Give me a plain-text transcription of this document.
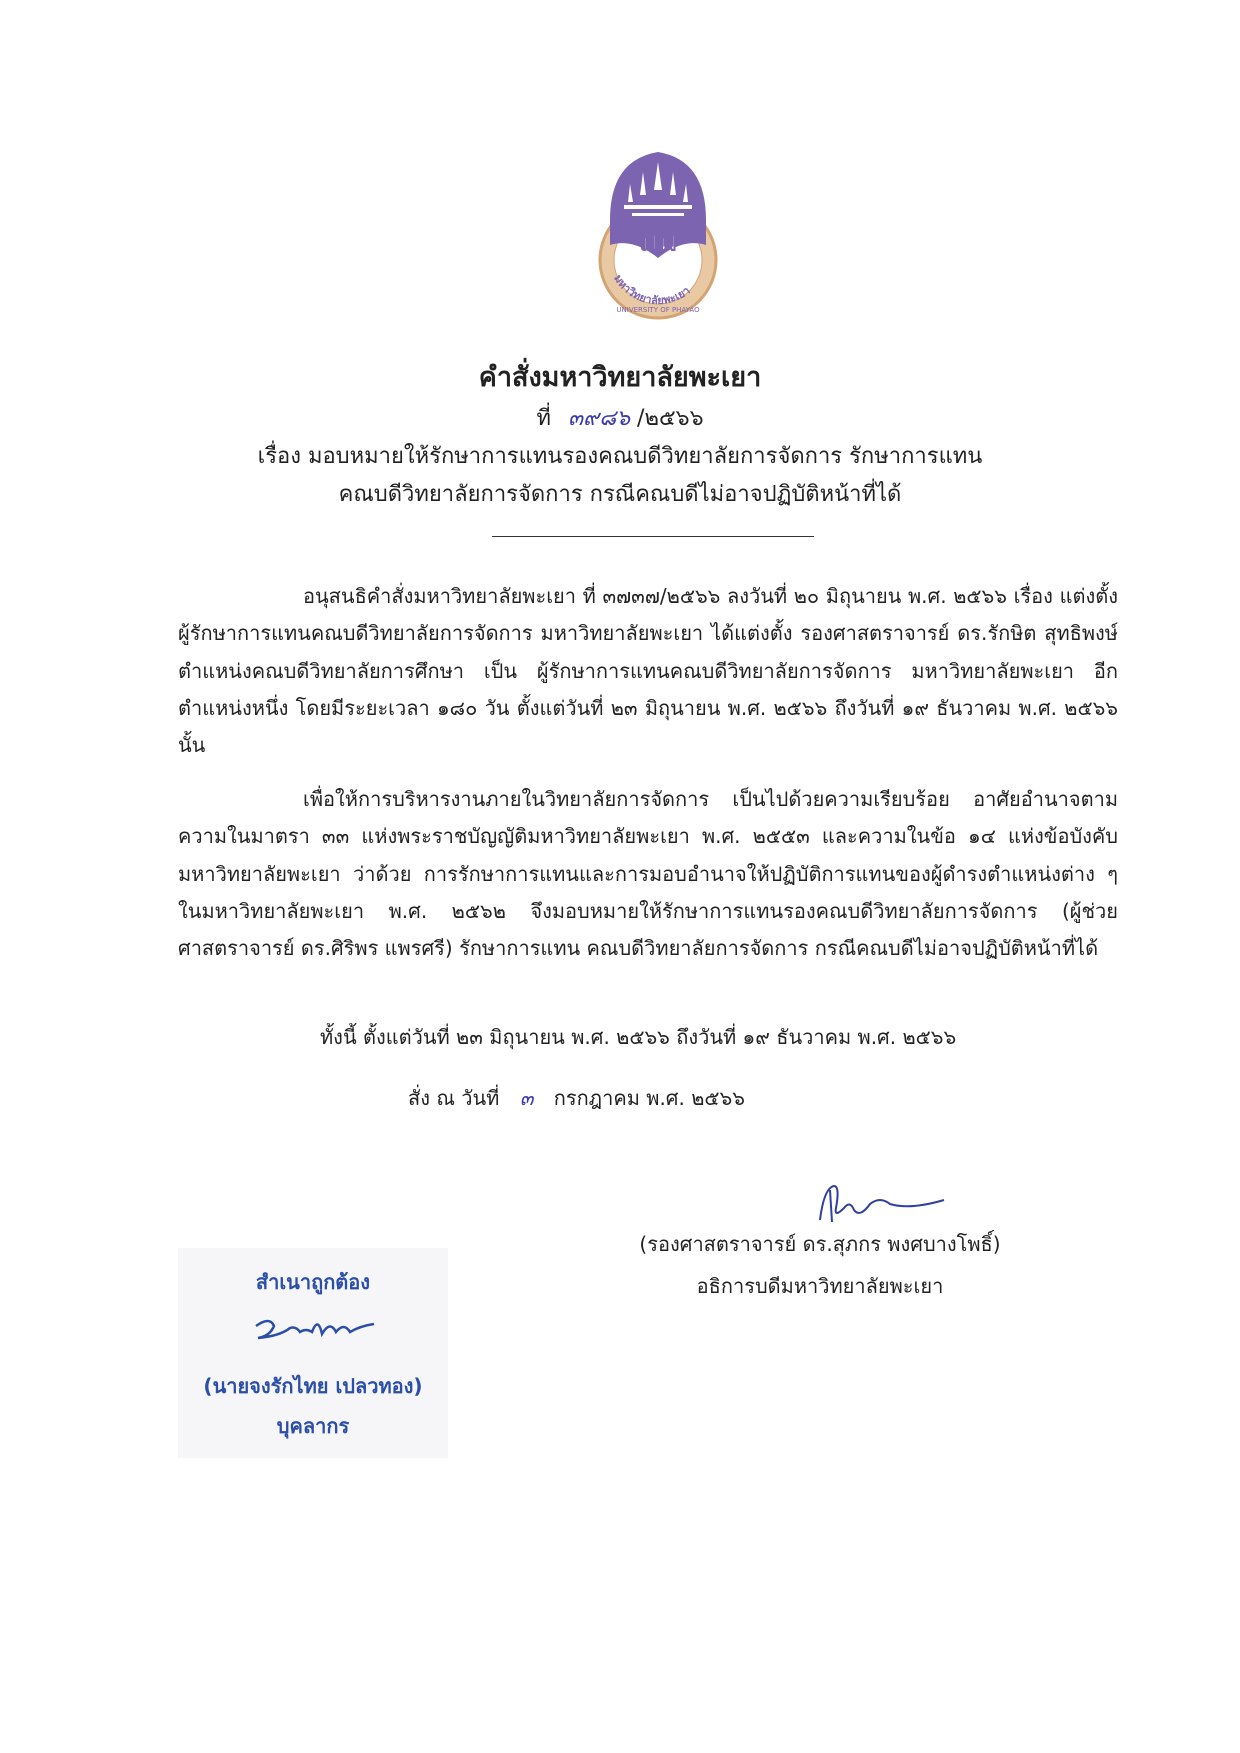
มพ
มหาวิทยาลัยพะเยา
UNIVERSITY OF PHAYAO
คำสั่งมหาวิทยาลัยพะเยา
ที่ ๓๙๘๖ /๒๕๖๖
เรื่อง มอบหมายให้รักษาการแทนรองคณบดีวิทยาลัยการจัดการ รักษาการแทน
คณบดีวิทยาลัยการจัดการ กรณีคณบดีไม่อาจปฏิบัติหน้าที่ได้

อนุสนธิคำสั่งมหาวิทยาลัยพะเยา ที่ ๓๗๓๗/๒๕๖๖ ลงวันที่ ๒๐ มิถุนายน พ.ศ. ๒๕๖๖ เรื่อง แต่งตั้งผู้รักษาการแทนคณบดีวิทยาลัยการจัดการ มหาวิทยาลัยพะเยา ได้แต่งตั้ง รองศาสตราจารย์ ดร.รักษิต สุทธิพงษ์ ตำแหน่งคณบดีวิทยาลัยการศึกษา เป็น ผู้รักษาการแทนคณบดีวิทยาลัยการจัดการ มหาวิทยาลัยพะเยา อีกตำแหน่งหนึ่ง โดยมีระยะเวลา ๑๘๐ วัน ตั้งแต่วันที่ ๒๓ มิถุนายน พ.ศ. ๒๕๖๖ ถึงวันที่ ๑๙ ธันวาคม พ.ศ. ๒๕๖๖ นั้น

เพื่อให้การบริหารงานภายในวิทยาลัยการจัดการ เป็นไปด้วยความเรียบร้อย อาศัยอำนาจตามความในมาตรา ๓๓ แห่งพระราชบัญญัติมหาวิทยาลัยพะเยา พ.ศ. ๒๕๕๓ และความในข้อ ๑๔ แห่งข้อบังคับมหาวิทยาลัยพะเยา ว่าด้วย การรักษาการแทนและการมอบอำนาจให้ปฏิบัติการแทนของผู้ดำรงตำแหน่งต่าง ๆ ในมหาวิทยาลัยพะเยา พ.ศ. ๒๕๖๒ จึงมอบหมายให้รักษาการแทนรองคณบดีวิทยาลัยการจัดการ (ผู้ช่วยศาสตราจารย์ ดร.ศิริพร แพรศรี) รักษาการแทน คณบดีวิทยาลัยการจัดการ กรณีคณบดีไม่อาจปฏิบัติหน้าที่ได้

ทั้งนี้ ตั้งแต่วันที่ ๒๓ มิถุนายน พ.ศ. ๒๕๖๖ ถึงวันที่ ๑๙ ธันวาคม พ.ศ. ๒๕๖๖
สั่ง ณ วันที่ ๓ กรกฎาคม พ.ศ. ๒๕๖๖
(รองศาสตราจารย์ ดร.สุภกร พงศบางโพธิ์)
อธิการบดีมหาวิทยาลัยพะเยา
สำเนาถูกต้อง
(นายจงรักไทย เปลวทอง)
บุคลากร
